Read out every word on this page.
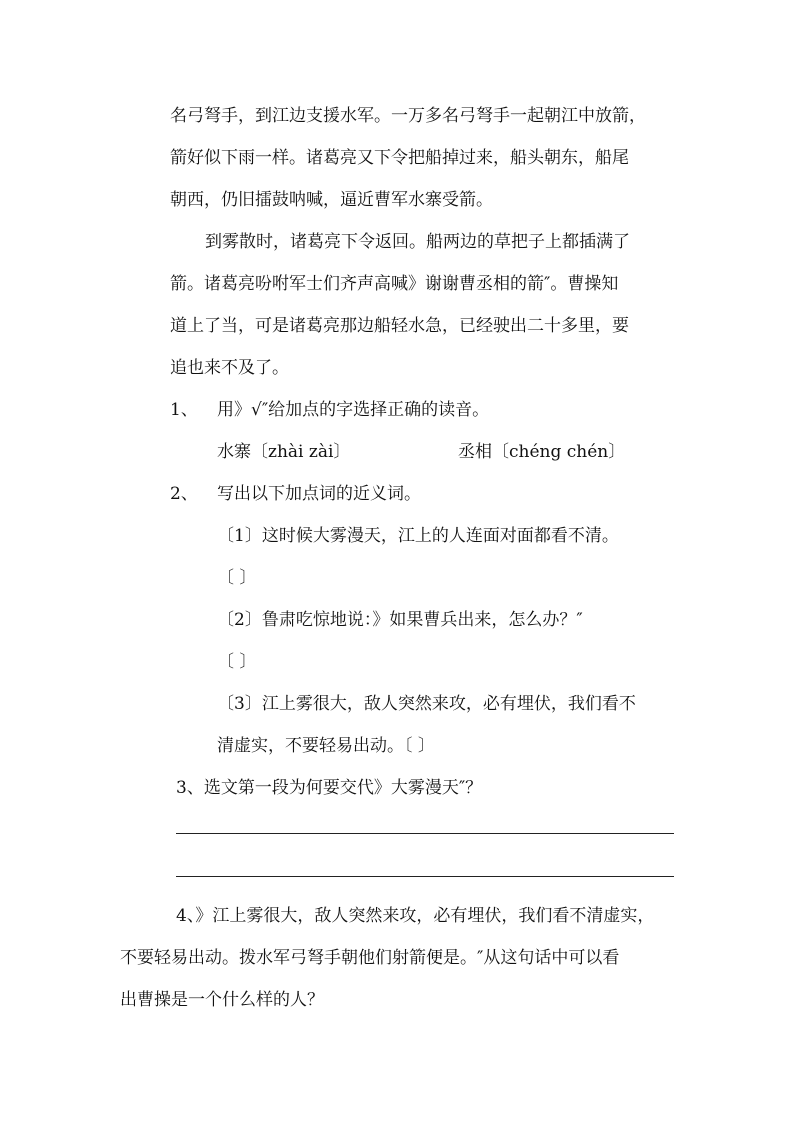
名弓弩手，到江边支援水军。一万多名弓弩手一起朝江中放箭，
箭好似下雨一样。诸葛亮又下令把船掉过来，船头朝东，船尾
朝西，仍旧擂鼓呐喊，逼近曹军水寨受箭。
到雾散时，诸葛亮下令返回。船两边的草把子上都插满了
箭。诸葛亮吩咐军士们齐声高喊》谢谢曹丞相的箭″。曹操知
道上了当，可是诸葛亮那边船轻水急，已经驶出二十多里，要
追也来不及了。
1、 用》√″给加点的字选择正确的读音。
水寨〔zhài zài〕	丞相〔chéng chén〕
2、 写出以下加点词的近义词。
〔1〕这时候大雾漫天，江上的人连面对面都看不清。
〔 〕
〔2〕鲁肃吃惊地说：》如果曹兵出来，怎么办？″
〔 〕
〔3〕江上雾很大，敌人突然来攻，必有埋伏，我们看不
清虚实，不要轻易出动。〔 〕
3、选文第一段为何要交代》大雾漫天″？
4、》江上雾很大，敌人突然来攻，必有埋伏，我们看不清虚实，
不要轻易出动。拨水军弓弩手朝他们射箭便是。″从这句话中可以看
出曹操是一个什么样的人？
